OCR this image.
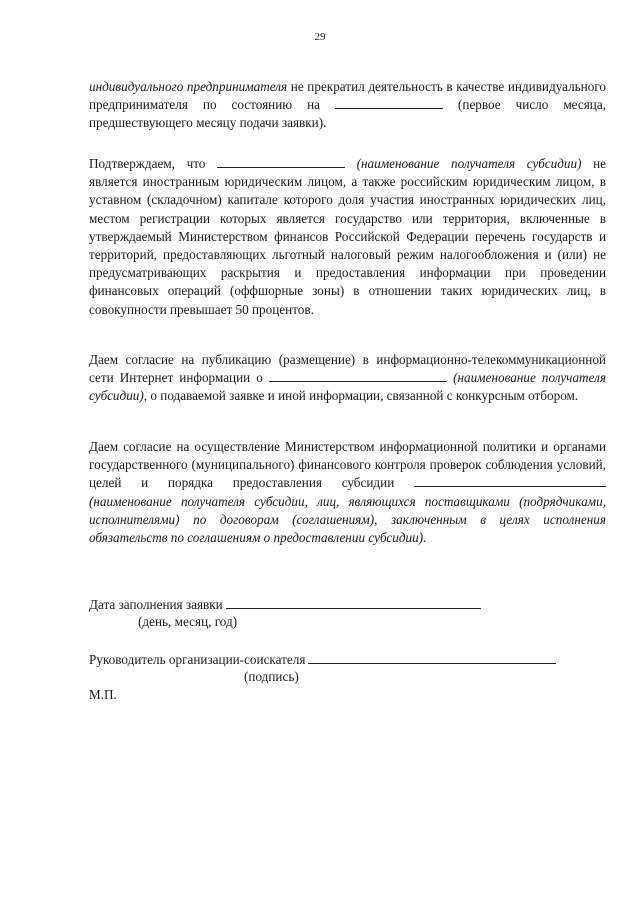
29
индивидуального предпринимателя не прекратил деятельность в качестве индивидуального предпринимателя по состоянию на	(первое число месяца, предшествующего месяцу подачи заявки).
Подтверждаем, что	(наименование получателя субсидии) не является иностранным юридическим лицом, а также российским юридическим лицом, в уставном (складочном) капитале которого доля участия иностранных юридических лиц, местом регистрации которых является государство или территория, включенные в утверждаемый Министерством финансов Российской Федерации перечень государств и территорий, предоставляющих льготный налоговый режим налогообложения и (или) не предусматривающих раскрытия и предоставления информации при проведении финансовых операций (оффшорные зоны) в отношении таких юридических лиц, в совокупности превышает 50 процентов.
Даем согласие на публикацию (размещение) в информационно-телекоммуникационной сети Интернет информации о	(наименование получателя субсидии), о подаваемой заявке и иной информации, связанной с конкурсным отбором.
Даем согласие на осуществление Министерством информационной политики и органами государственного (муниципального) финансового контроля проверок соблюдения условий, целей и порядка предоставления субсидии  (наименование получателя субсидии, лиц, являющихся поставщиками (подрядчиками, исполнителями) по договорам (соглашениям), заключенным в целях исполнения обязательств по соглашениям о предоставлении субсидии).
Дата заполнения заявки
(день, месяц, год)
Руководитель организации-соискателя
(подпись)
М.П.
